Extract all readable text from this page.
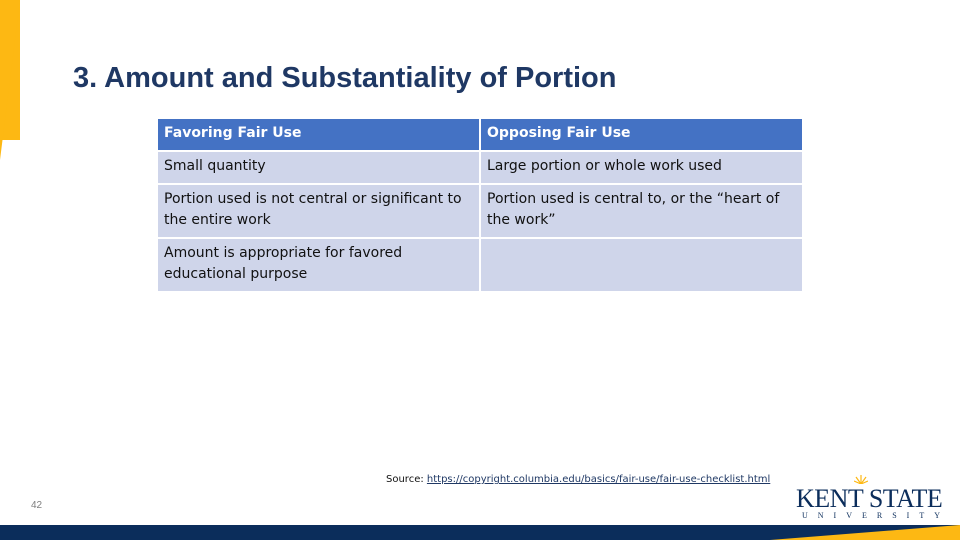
3. Amount and Substantiality of Portion
Favoring Fair Use	Opposing Fair Use
Small quantity	Large portion or whole work used
Portion used is not central or significant to the entire work	Portion used is central to, or the “heart of the work”
Amount is appropriate for favored educational purpose	
Source: https://copyright.columbia.edu/basics/fair-use/fair-use-checklist.html
42	KENT STATE
UNIVERSITY
